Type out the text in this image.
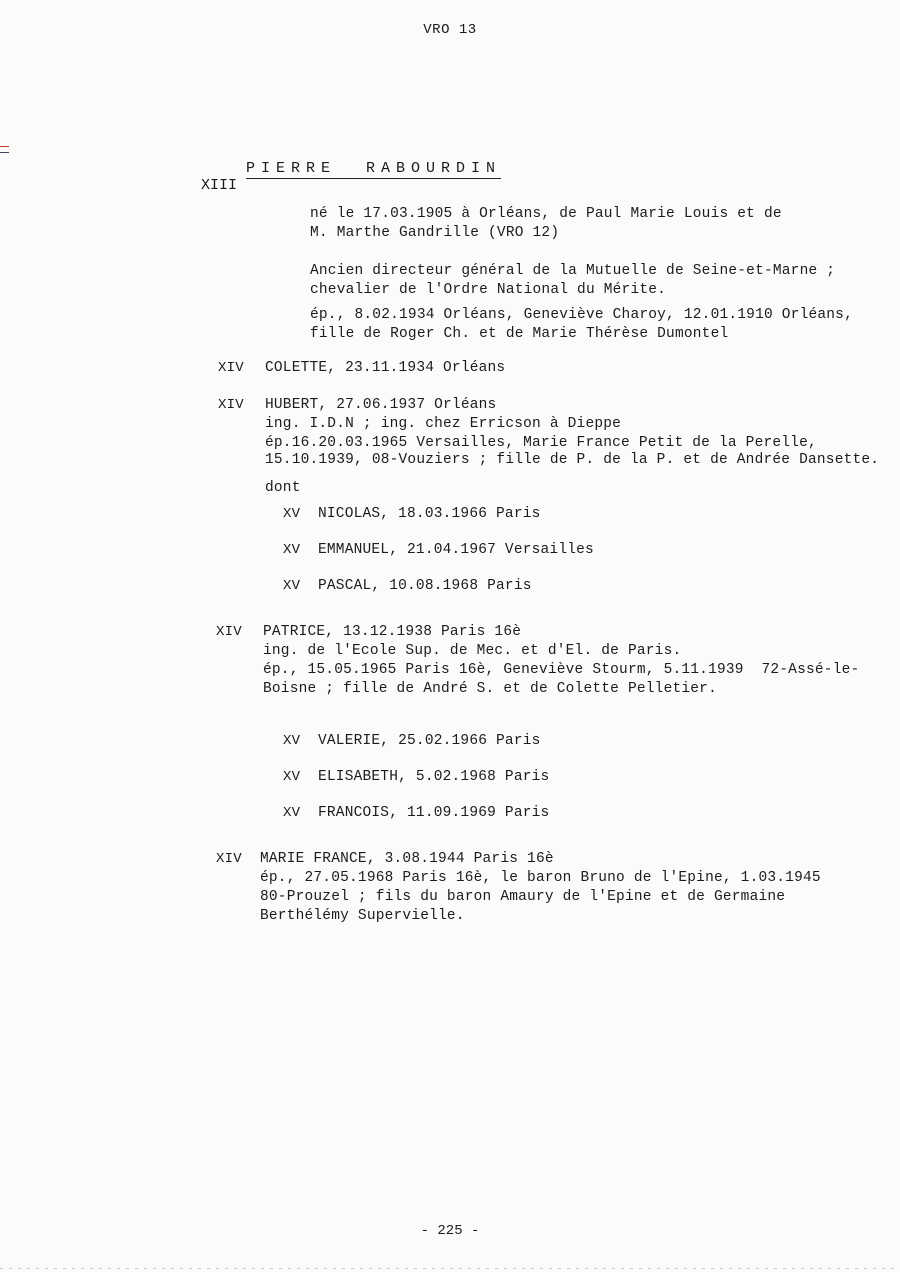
VRO 13

XIII

PIERRE  RABOURDIN

né le 17.03.1905 à Orléans, de Paul Marie Louis et de
M. Marthe Gandrille (VRO 12)
Ancien directeur général de la Mutuelle de Seine-et-Marne ;
chevalier de l'Ordre National du Mérite.
ép., 8.02.1934 Orléans, Geneviève Charoy, 12.01.1910 Orléans,
fille de Roger Ch. et de Marie Thérèse Dumontel
XIV COLETTE, 23.11.1934 Orléans
XIV HUBERT, 27.06.1937 Orléans
ing. I.D.N ; ing. chez Erricson à Dieppe
ép.16.20.03.1965 Versailles, Marie France Petit de la Perelle,
15.10.1939, 08-Vouziers ; fille de P. de la P. et de Andrée Dansette.
dont
XV NICOLAS, 18.03.1966 Paris
XV EMMANUEL, 21.04.1967 Versailles
XV PASCAL, 10.08.1968 Paris
XIV PATRICE, 13.12.1938 Paris 16è
ing. de l'Ecole Sup. de Mec. et d'El. de Paris.
ép., 15.05.1965 Paris 16è, Geneviève Stourm, 5.11.1939  72-Assé-le-
Boisne ; fille de André S. et de Colette Pelletier.
XV VALERIE, 25.02.1966 Paris
XV ELISABETH, 5.02.1968 Paris
XV FRANCOIS, 11.09.1969 Paris
XIV MARIE FRANCE, 3.08.1944 Paris 16è
ép., 27.05.1968 Paris 16è, le baron Bruno de l'Epine, 1.03.1945
80-Prouzel ; fils du baron Amaury de l'Epine et de Germaine
Berthélémy Supervielle.
- 225 -
